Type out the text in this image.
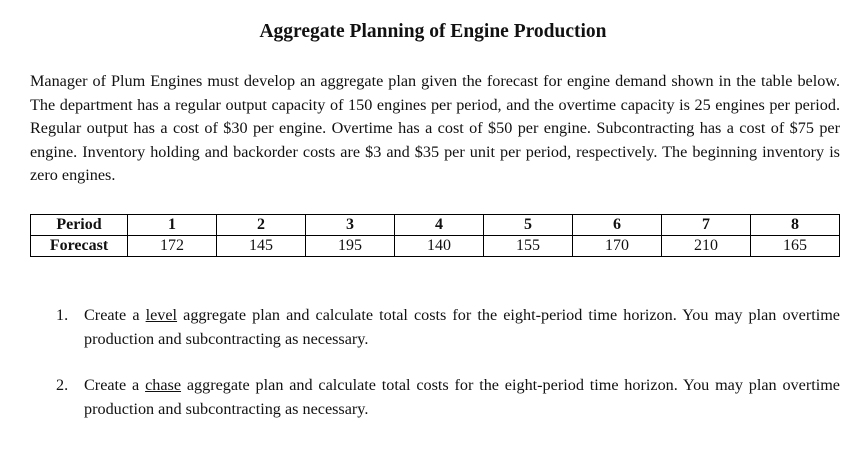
Aggregate Planning of Engine Production

Manager of Plum Engines must develop an aggregate plan given the forecast for engine demand shown in the table below. The department has a regular output capacity of 150 engines per period, and the overtime capacity is 25 engines per period. Regular output has a cost of $30 per engine. Overtime has a cost of $50 per engine. Subcontracting has a cost of $75 per engine. Inventory holding and backorder costs are $3 and $35 per unit per period, respectively. The beginning inventory is zero engines.

Period	1	2	3	4	5	6	7	8
Forecast	172	145	195	140	155	170	210	165
1. Create a level aggregate plan and calculate total costs for the eight-period time horizon. You may plan overtime production and subcontracting as necessary.
2. Create a chase aggregate plan and calculate total costs for the eight-period time horizon. You may plan overtime production and subcontracting as necessary.
